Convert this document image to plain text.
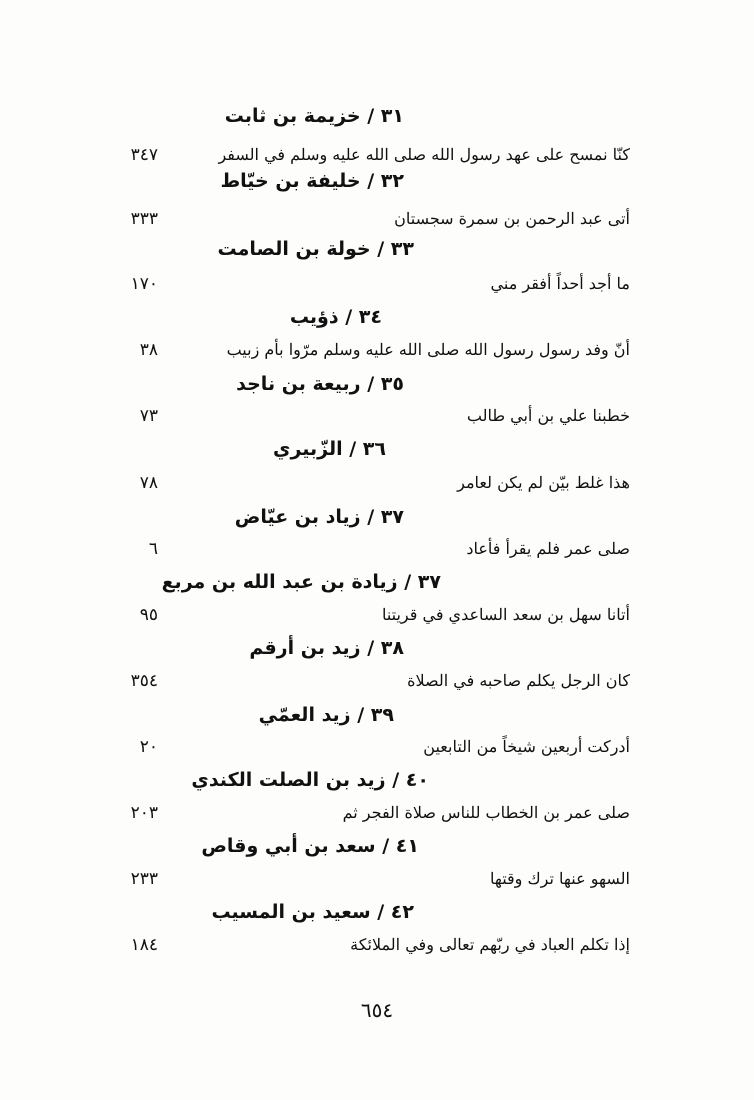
٣١ / خزيمة بن ثابت
كنّا نمسح على عهد رسول الله صلى الله عليه وسلم في السفر
٣٤٧
٣٢ / خليفة بن خيّاط
أتى عبد الرحمن بن سمرة سجستان
٣٣٣
٣٣ / خولة بن الصامت
ما أجد أحداً أفقر مني
١٧٠
٣٤ / ذؤيب
أنّ وفد رسول رسول الله صلى الله عليه وسلم مرّوا بأم زبيب
٣٨
٣٥ / ربيعة بن ناجد
خطبنا علي بن أبي طالب
٧٣
٣٦ / الزّبيري
هذا غلط بيّن لم يكن لعامر
٧٨
٣٧ / زياد بن عيّاض
صلى عمر فلم يقرأ فأعاد
٦
٣٧ / زيادة بن عبد الله بن مربع
أتانا سهل بن سعد الساعدي في قريتنا
٩٥
٣٨ / زيد بن أرقم
كان الرجل يكلم صاحبه في الصلاة
٣٥٤
٣٩ / زيد العمّي
أدركت أربعين شيخاً من التابعين
٢٠
٤٠ / زيد بن الصلت الكندي
صلى عمر بن الخطاب للناس صلاة الفجر ثم
٢٠٣
٤١ / سعد بن أبي وقاص
السهو عنها ترك وقتها
٢٣٣
٤٢ / سعيد بن المسيب
إذا تكلم العباد في ربّهم تعالى وفي الملائكة
١٨٤
٦٥٤
